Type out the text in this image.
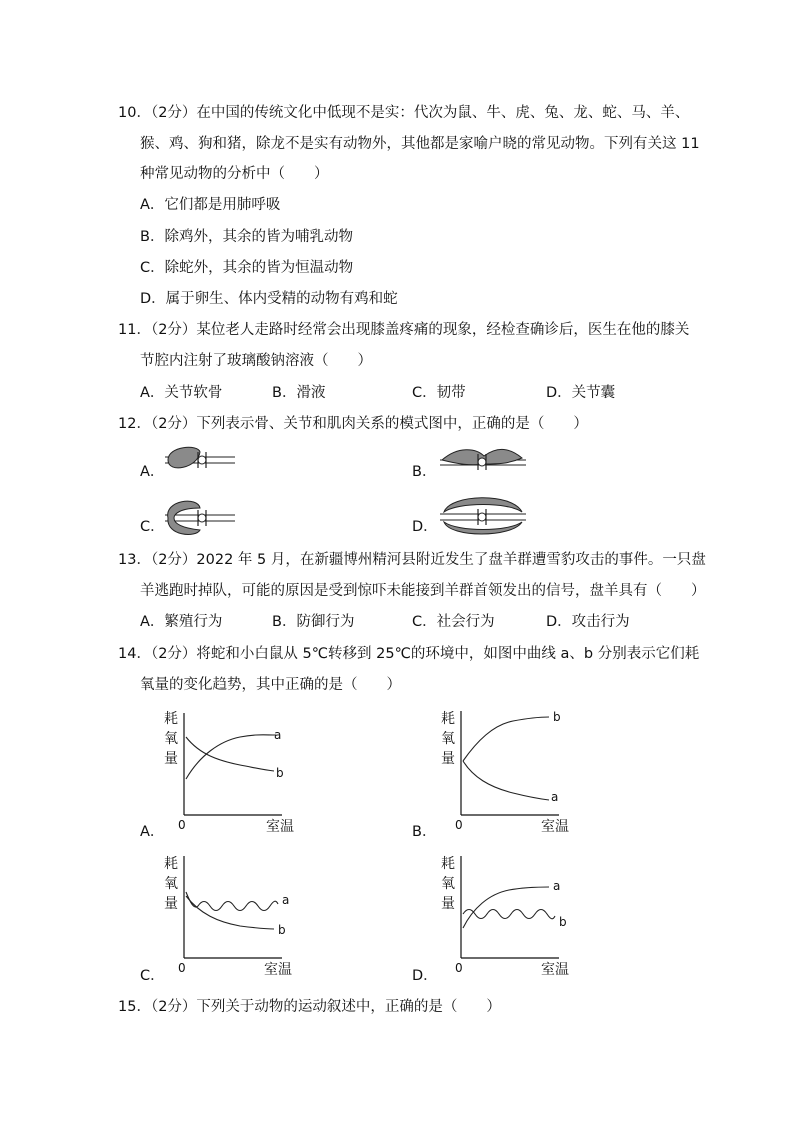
10．（2分）在中国的传统文化中低现不是实：代次为鼠、牛、虎、兔、龙、蛇、马、羊、
猴、鸡、狗和猪，除龙不是实有动物外，其他都是家喻户晓的常见动物。下列有关这 11
种常见动物的分析中（　　）
A．它们都是用肺呼吸
B．除鸡外，其余的皆为哺乳动物
C．除蛇外，其余的皆为恒温动物
D．属于卵生、体内受精的动物有鸡和蛇
11．（2分）某位老人走路时经常会出现膝盖疼痛的现象，经检查确诊后，医生在他的膝关
节腔内注射了玻璃酸钠溶液（　　）
A．关节软骨	B．滑液	C．韧带	D．关节囊
12．（2分）下列表示骨、关节和肌肉关系的模式图中，正确的是（　　）
A．	B．
C．	D．
13．（2分）2022 年 5 月，在新疆博州精河县附近发生了盘羊群遭雪豹攻击的事件。一只盘
羊逃跑时掉队，可能的原因是受到惊吓未能接到羊群首领发出的信号，盘羊具有（　　）
A．繁殖行为	B．防御行为	C．社会行为	D．攻击行为
14．（2分）将蛇和小白鼠从 5℃转移到 25℃的环境中，如图中曲线 a、b 分别表示它们耗
氧量的变化趋势，其中正确的是（　　）
耗
氧
量
0	室温
a
b
耗
氧
量
0	室温
b
a
耗
氧
量
0	室温
a
b
耗
氧
量
0	室温
a
b
A．	B．
C．	D．
15．（2分）下列关于动物的运动叙述中，正确的是（　　）
